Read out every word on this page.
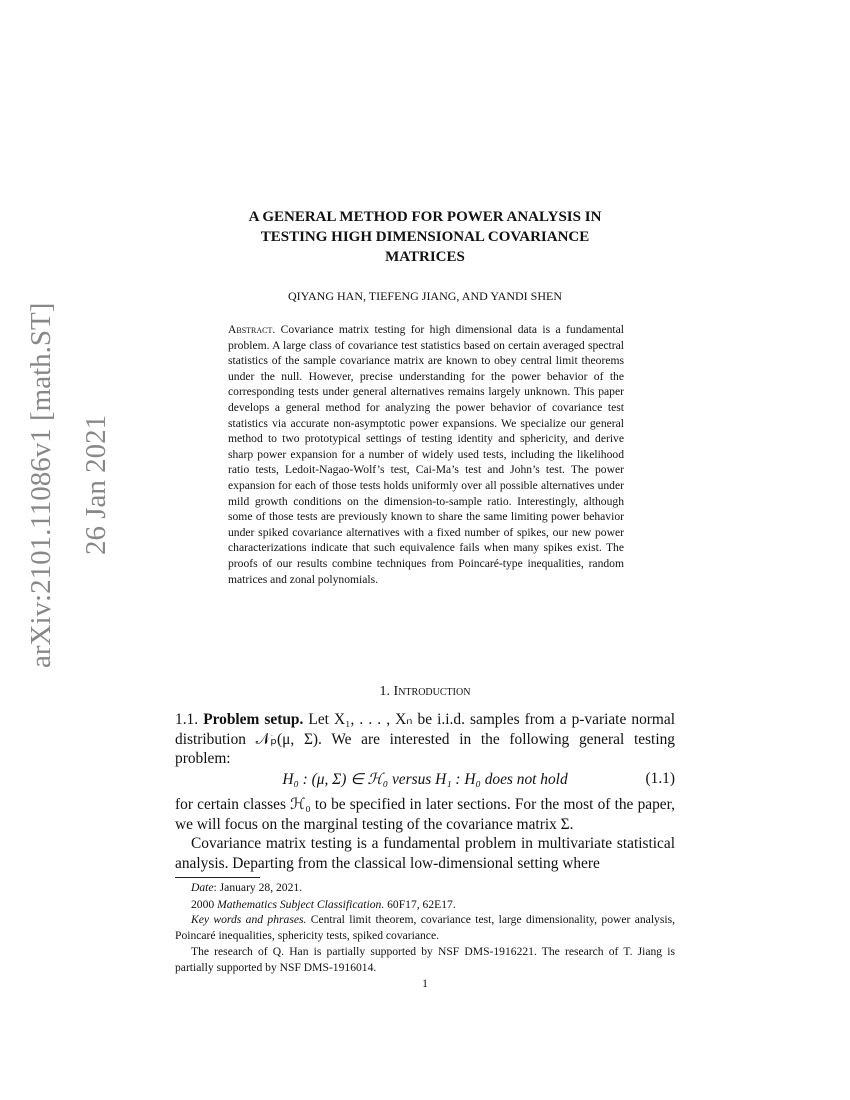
arXiv:2101.11086v1 [math.ST] 26 Jan 2021
A GENERAL METHOD FOR POWER ANALYSIS IN
TESTING HIGH DIMENSIONAL COVARIANCE
MATRICES
QIYANG HAN, TIEFENG JIANG, AND YANDI SHEN
Abstract. Covariance matrix testing for high dimensional data is a fundamental problem. A large class of covariance test statistics based on certain averaged spectral statistics of the sample covariance matrix are known to obey central limit theorems under the null. However, precise understanding for the power behavior of the corresponding tests under general alternatives remains largely unknown. This paper develops a general method for analyzing the power behavior of covariance test statistics via accurate non-asymptotic power expansions. We specialize our general method to two prototypical settings of testing identity and sphericity, and derive sharp power expansion for a number of widely used tests, including the likelihood ratio tests, Ledoit-Nagao-Wolf’s test, Cai-Ma’s test and John’s test. The power expansion for each of those tests holds uniformly over all possible alternatives under mild growth conditions on the dimension-to-sample ratio. Interestingly, although some of those tests are previously known to share the same limiting power behavior under spiked covariance alternatives with a fixed number of spikes, our new power characterizations indicate that such equivalence fails when many spikes exist. The proofs of our results combine techniques from Poincaré-type inequalities, random matrices and zonal polynomials.
1. Introduction
1.1. Problem setup. Let X₁, . . . , Xₙ be i.i.d. samples from a p-variate normal distribution 𝒩ₚ(μ, Σ). We are interested in the following general testing problem:
H₀ : (μ, Σ) ∈ ℋ₀ versus H₁ : H₀ does not hold	(1.1)
for certain classes ℋ₀ to be specified in later sections. For the most of the paper, we will focus on the marginal testing of the covariance matrix Σ.
Covariance matrix testing is a fundamental problem in multivariate statistical analysis. Departing from the classical low-dimensional setting where
Date: January 28, 2021.
2000 Mathematics Subject Classification. 60F17, 62E17.
Key words and phrases. Central limit theorem, covariance test, large dimensionality, power analysis, Poincaré inequalities, sphericity tests, spiked covariance.
The research of Q. Han is partially supported by NSF DMS-1916221. The research of T. Jiang is partially supported by NSF DMS-1916014.
1
